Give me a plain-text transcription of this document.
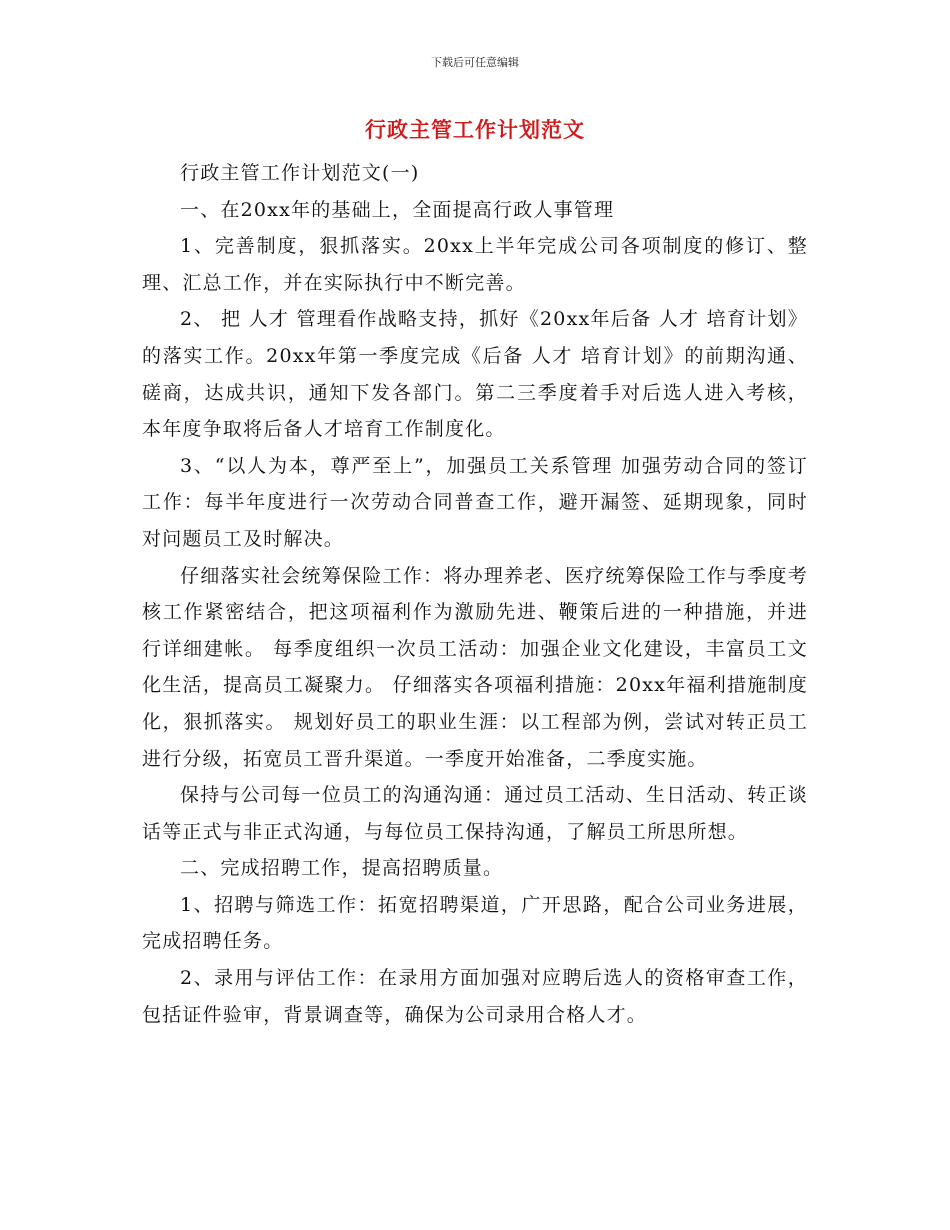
下载后可任意编辑
行政主管工作计划范文

行政主管工作计划范文(一)

一、在20xx年的基础上，全面提高行政人事管理

1、完善制度，狠抓落实。20xx上半年完成公司各项制度的修订、整理、汇总工作，并在实际执行中不断完善。

2、 把 人才 管理看作战略支持，抓好《20xx年后备 人才 培育计划》的落实工作。20xx年第一季度完成《后备 人才 培育计划》的前期沟通、磋商，达成共识，通知下发各部门。第二三季度着手对后选人进入考核，本年度争取将后备人才培育工作制度化。

3、“以人为本，尊严至上”，加强员工关系管理 加强劳动合同的签订工作：每半年度进行一次劳动合同普查工作，避开漏签、延期现象，同时对问题员工及时解决。

仔细落实社会统筹保险工作：将办理养老、医疗统筹保险工作与季度考核工作紧密结合，把这项福利作为激励先进、鞭策后进的一种措施，并进行详细建帐。 每季度组织一次员工活动：加强企业文化建设，丰富员工文化生活，提高员工凝聚力。 仔细落实各项福利措施：20xx年福利措施制度化，狠抓落实。 规划好员工的职业生涯：以工程部为例，尝试对转正员工进行分级，拓宽员工晋升渠道。一季度开始准备，二季度实施。

保持与公司每一位员工的沟通沟通：通过员工活动、生日活动、转正谈话等正式与非正式沟通，与每位员工保持沟通，了解员工所思所想。

二、完成招聘工作，提高招聘质量。

1、招聘与筛选工作：拓宽招聘渠道，广开思路，配合公司业务进展，完成招聘任务。

2、录用与评估工作：在录用方面加强对应聘后选人的资格审查工作，包括证件验审，背景调查等，确保为公司录用合格人才。
